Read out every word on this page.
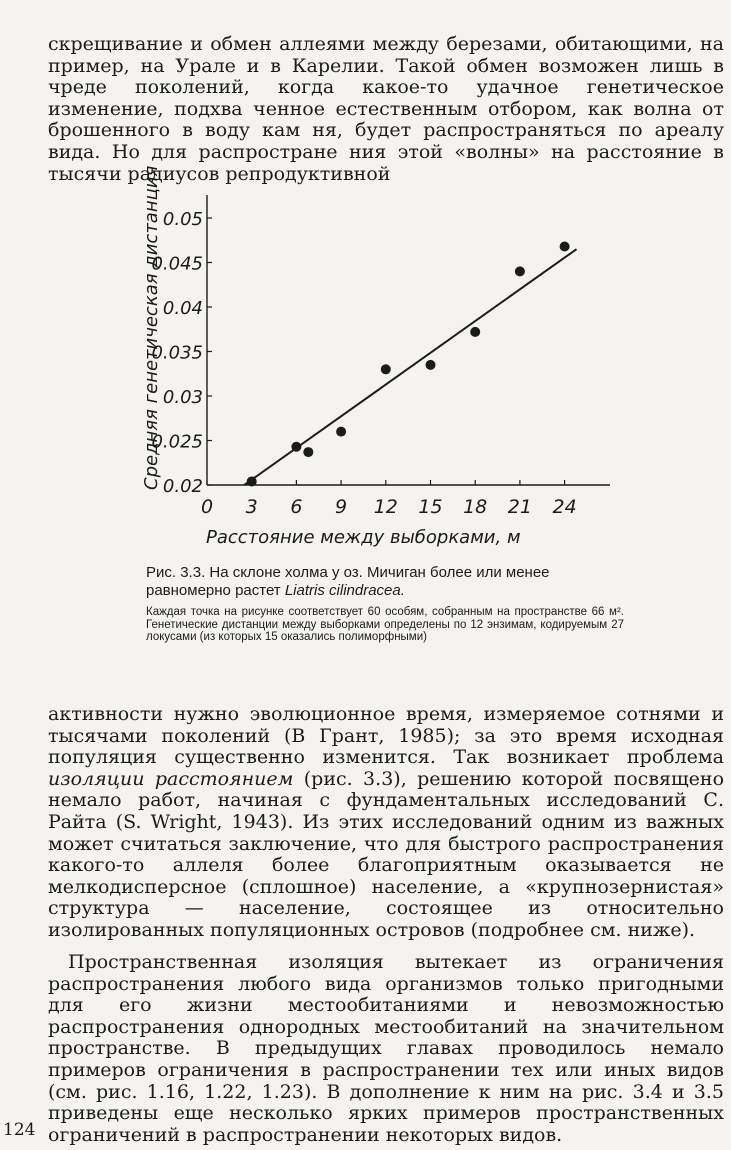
скрещивание и обмен аллеями между березами, обитающими, на пример, на Урале и в Карелии. Такой обмен возможен лишь в чреде поколений, когда какое-то удачное генетическое изменение, подхва ченное естественным отбором, как волна от брошенного в воду кам ня, будет распространяться по ареалу вида. Но для распростране ния этой «волны» на расстояние в тысячи радиусов репродуктивной

0 3 6 9 12 15 18 21 24
0.02
0.025
0.03
0.035
0.04
0.045
0.05
Расстояние между выборками, м
Средняя генетическая дистанция

Рис. 3.3. На склоне холма у оз. Мичиган более или менее равномерно растет Liatris cilindracea.

Каждая точка на рисунке соответствует 60 особям, собранным на пространстве 66 м². Генетические дистанции между выборками определены по 12 энзимам, кодируемым 27 локусами (из которых 15 оказались полиморфными)

активности нужно эволюционное время, измеряемое сотнями и тысячами поколений (В Грант, 1985); за это время исходная популяция существенно изменится. Так возникает проблема изоляции расстоянием (рис. 3.3), решению которой посвящено немало работ, начиная с фундаментальных исследований С. Райта (S. Wright, 1943). Из этих исследований одним из важных может считаться заключение, что для быстрого распространения какого-то аллеля более благоприятным оказывается не мелкодисперсное (сплошное) население, а «крупнозернистая» структура — население, состоящее из относительно изолированных популяционных островов (подробнее см. ниже).

Пространственная изоляция вытекает из ограничения распространения любого вида организмов только пригодными для его жизни местообитаниями и невозможностью распространения однородных местообитаний на значительном пространстве. В предыдущих главах проводилось немало примеров ограничения в распространении тех или иных видов (см. рис. 1.16, 1.22, 1.23). В дополнение к ним на рис. 3.4 и 3.5 приведены еще несколько ярких примеров пространственных ограничений в распространении некоторых видов.

124
